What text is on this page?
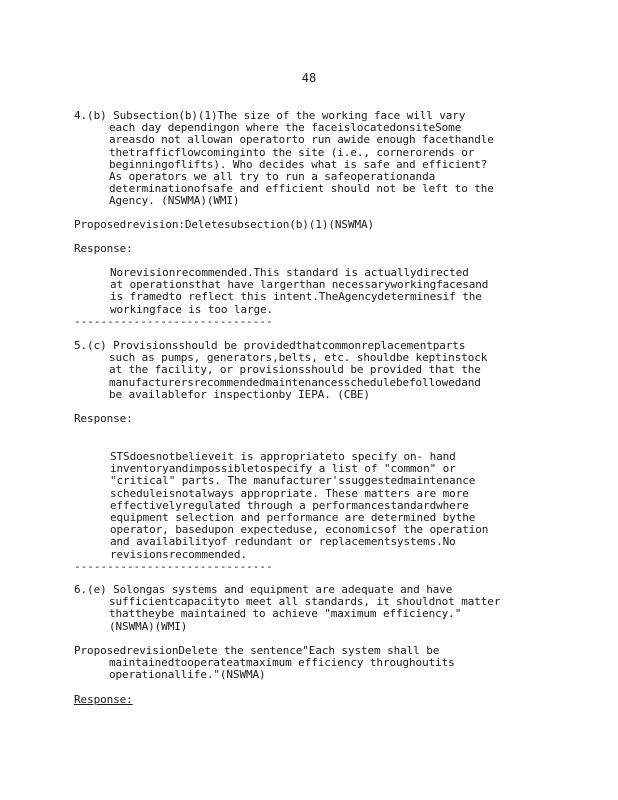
48
4.(b) Subsection(b)(1)The size of the working face will vary
each day dependingon where the faceislocatedonsiteSome
areasdo not allowan operatorto run awide enough facethandle
thetrafficflowcominginto the site (i.e., cornerorends or
beginningoflifts). Who decides what is safe and efficient?
As operators we all try to run a safeoperationanda
determinationofsafe and efficient should not be left to the
Agency. (NSWMA)(WMI)
Proposedrevision:Deletesubsection(b)(1)(NSWMA)
Response:
Norevisionrecommended.This standard is actuallydirected
at operationsthat have largerthan necessaryworkingfacesand
is framedto reflect this intent.TheAgencydeterminesif the
workingface is too large.
------------------------------
5.(c) Provisionsshould be providedthatcommonreplacementparts
such as pumps, generators,belts, etc. shouldbe keptinstock
at the facility, or provisionsshould be provided that the
manufacturersrecommendedmaintenancesschedulebefollowedand
be availablefor inspectionby IEPA. (CBE)
Response:
STSdoesnotbelieveit is appropriateto specify on- hand
inventoryandimpossibletospecify a list of "common" or
"critical" parts. The manufacturer'ssuggestedmaintenance
scheduleisnotalways appropriate. These matters are more
effectivelyregulated through a performancestandardwhere
equipment selection and performance are determined bythe
operator, basedupon expecteduse, economicsof the operation
and availabilityof redundant or replacementsystems.No
revisionsrecommended.
------------------------------
6.(e) Solongas systems and equipment are adequate and have
sufficientcapacityto meet all standards, it shouldnot matter
thattheybe maintained to achieve "maximum efficiency."
(NSWMA)(WMI)
ProposedrevisionDelete the sentence"Each system shall be
maintainedtooperateatmaximum efficiency throughoutits
operationallife."(NSWMA)
Response:
